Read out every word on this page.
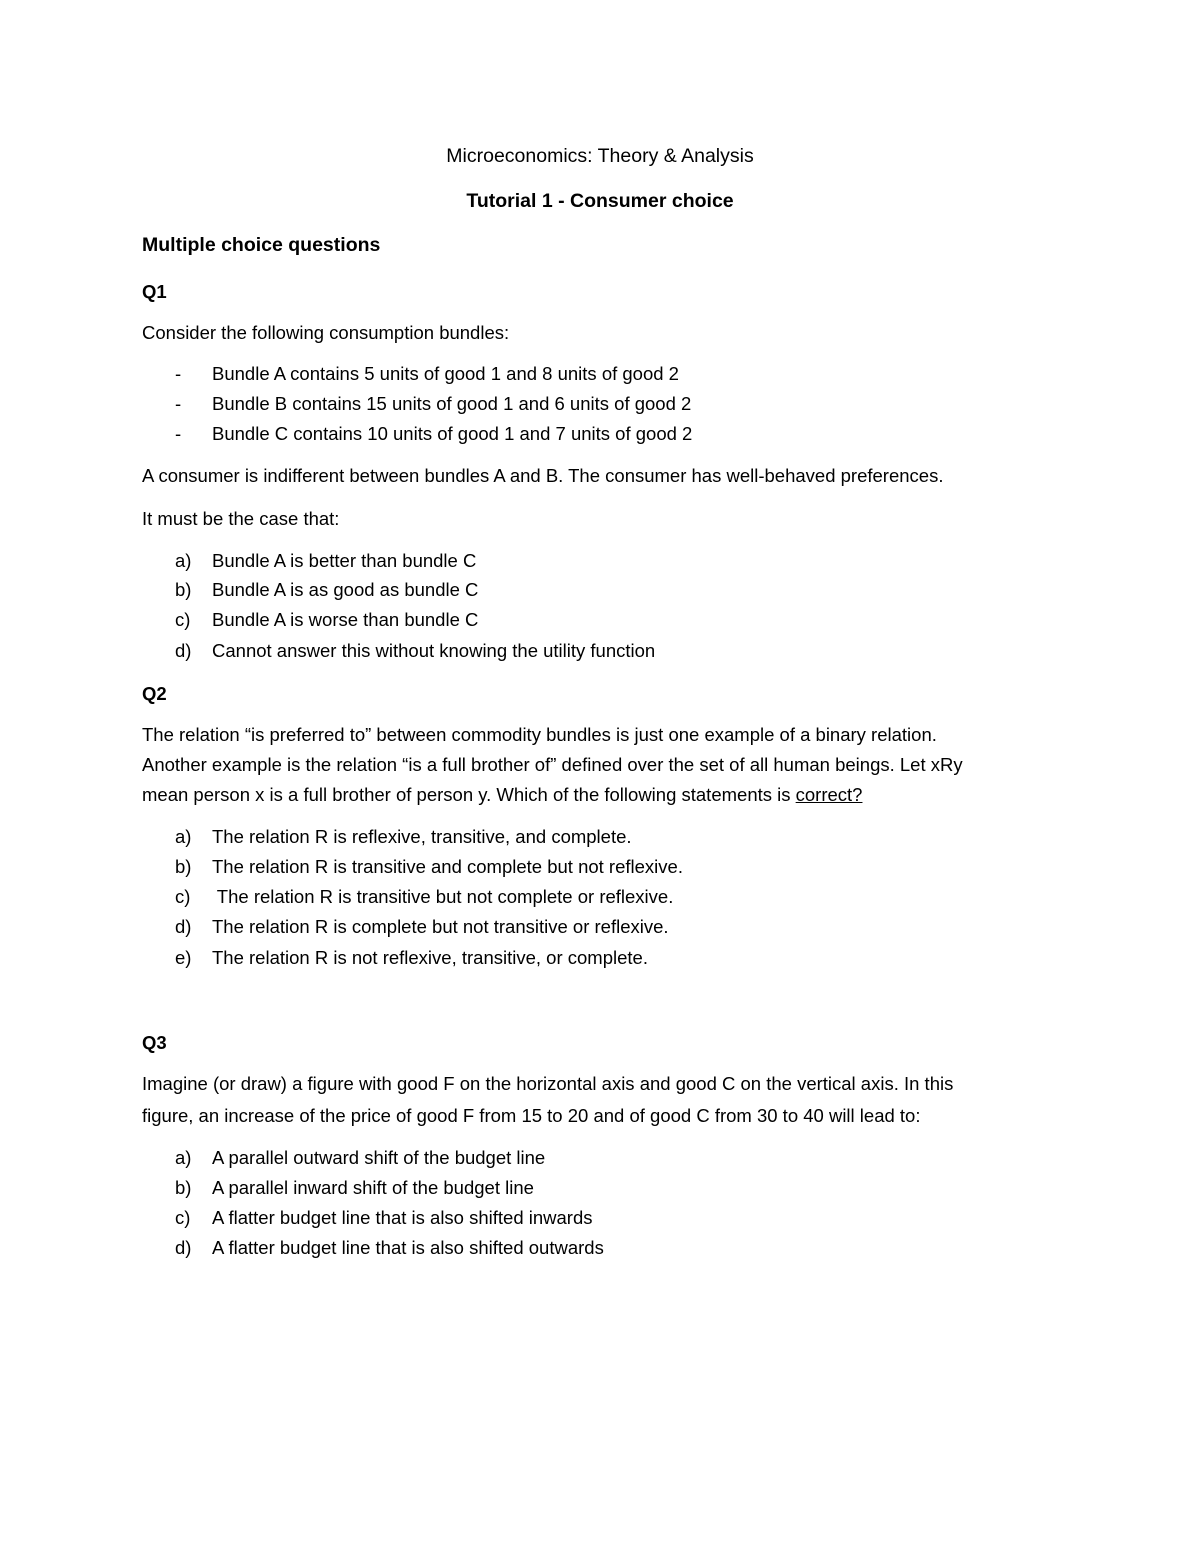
Microeconomics: Theory & Analysis
Tutorial 1 - Consumer choice
Multiple choice questions
Q1
Consider the following consumption bundles:
- Bundle A contains 5 units of good 1 and 8 units of good 2
- Bundle B contains 15 units of good 1 and 6 units of good 2
- Bundle C contains 10 units of good 1 and 7 units of good 2
A consumer is indifferent between bundles A and B. The consumer has well-behaved preferences.
It must be the case that:
a) Bundle A is better than bundle C
b) Bundle A is as good as bundle C
c) Bundle A is worse than bundle C
d) Cannot answer this without knowing the utility function
Q2
The relation “is preferred to” between commodity bundles is just one example of a binary relation.
Another example is the relation “is a full brother of” defined over the set of all human beings. Let xRy
mean person x is a full brother of person y. Which of the following statements is correct?
a) The relation R is reflexive, transitive, and complete.
b) The relation R is transitive and complete but not reflexive.
c) The relation R is transitive but not complete or reflexive.
d) The relation R is complete but not transitive or reflexive.
e) The relation R is not reflexive, transitive, or complete.
Q3
Imagine (or draw) a figure with good F on the horizontal axis and good C on the vertical axis. In this
figure, an increase of the price of good F from 15 to 20 and of good C from 30 to 40 will lead to:
a) A parallel outward shift of the budget line
b) A parallel inward shift of the budget line
c) A flatter budget line that is also shifted inwards
d) A flatter budget line that is also shifted outwards
